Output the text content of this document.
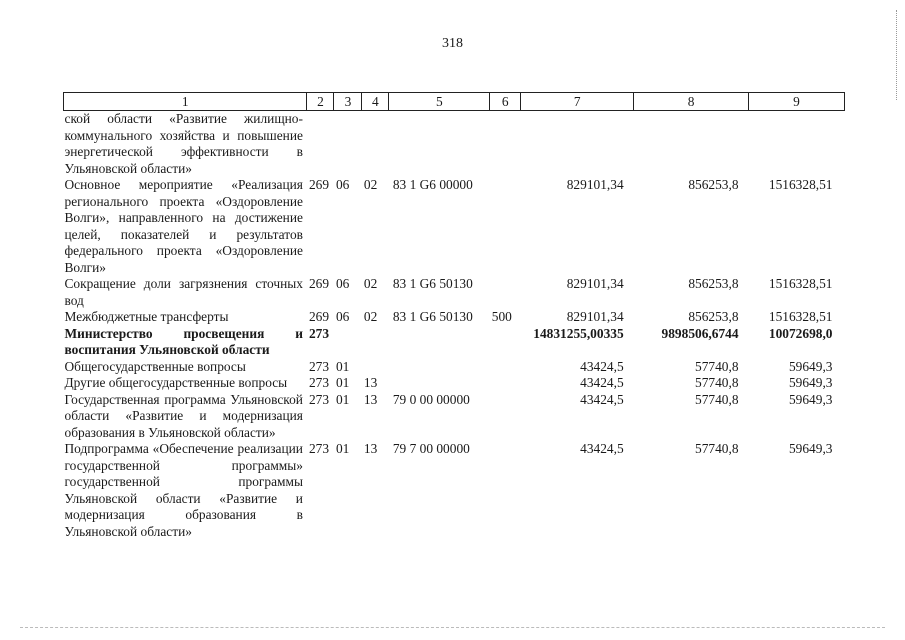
318
1	2	3	4	5	6	7	8	9
ской области «Развитие жилищно-коммунального хозяйства и повышение энергетической эффективности в Ульяновской области»								
Основное мероприятие «Реализация регионального проекта «Оздоровление Волги», направленного на достижение целей, показателей и результатов федерального проекта «Оздоровление Волги»	269	06	02	83 1 G6 00000		829101,34	856253,8	1516328,51
Сокращение доли загрязнения сточных вод	269	06	02	83 1 G6 50130		829101,34	856253,8	1516328,51
Межбюджетные трансферты	269	06	02	83 1 G6 50130	500	829101,34	856253,8	1516328,51
Министерство просвещения и воспитания Ульяновской области	273					14831255,00335	9898506,6744	10072698,0
Общегосударственные вопросы	273	01				43424,5	57740,8	59649,3
Другие общегосударственные вопросы	273	01	13			43424,5	57740,8	59649,3
Государственная программа Ульяновской области «Развитие и модернизация образования в Ульяновской области»	273	01	13	79 0 00 00000		43424,5	57740,8	59649,3
Подпрограмма «Обеспечение реализации государственной программы» государственной программы Ульяновской области «Развитие и модернизация образования в Ульяновской области»	273	01	13	79 7 00 00000		43424,5	57740,8	59649,3
